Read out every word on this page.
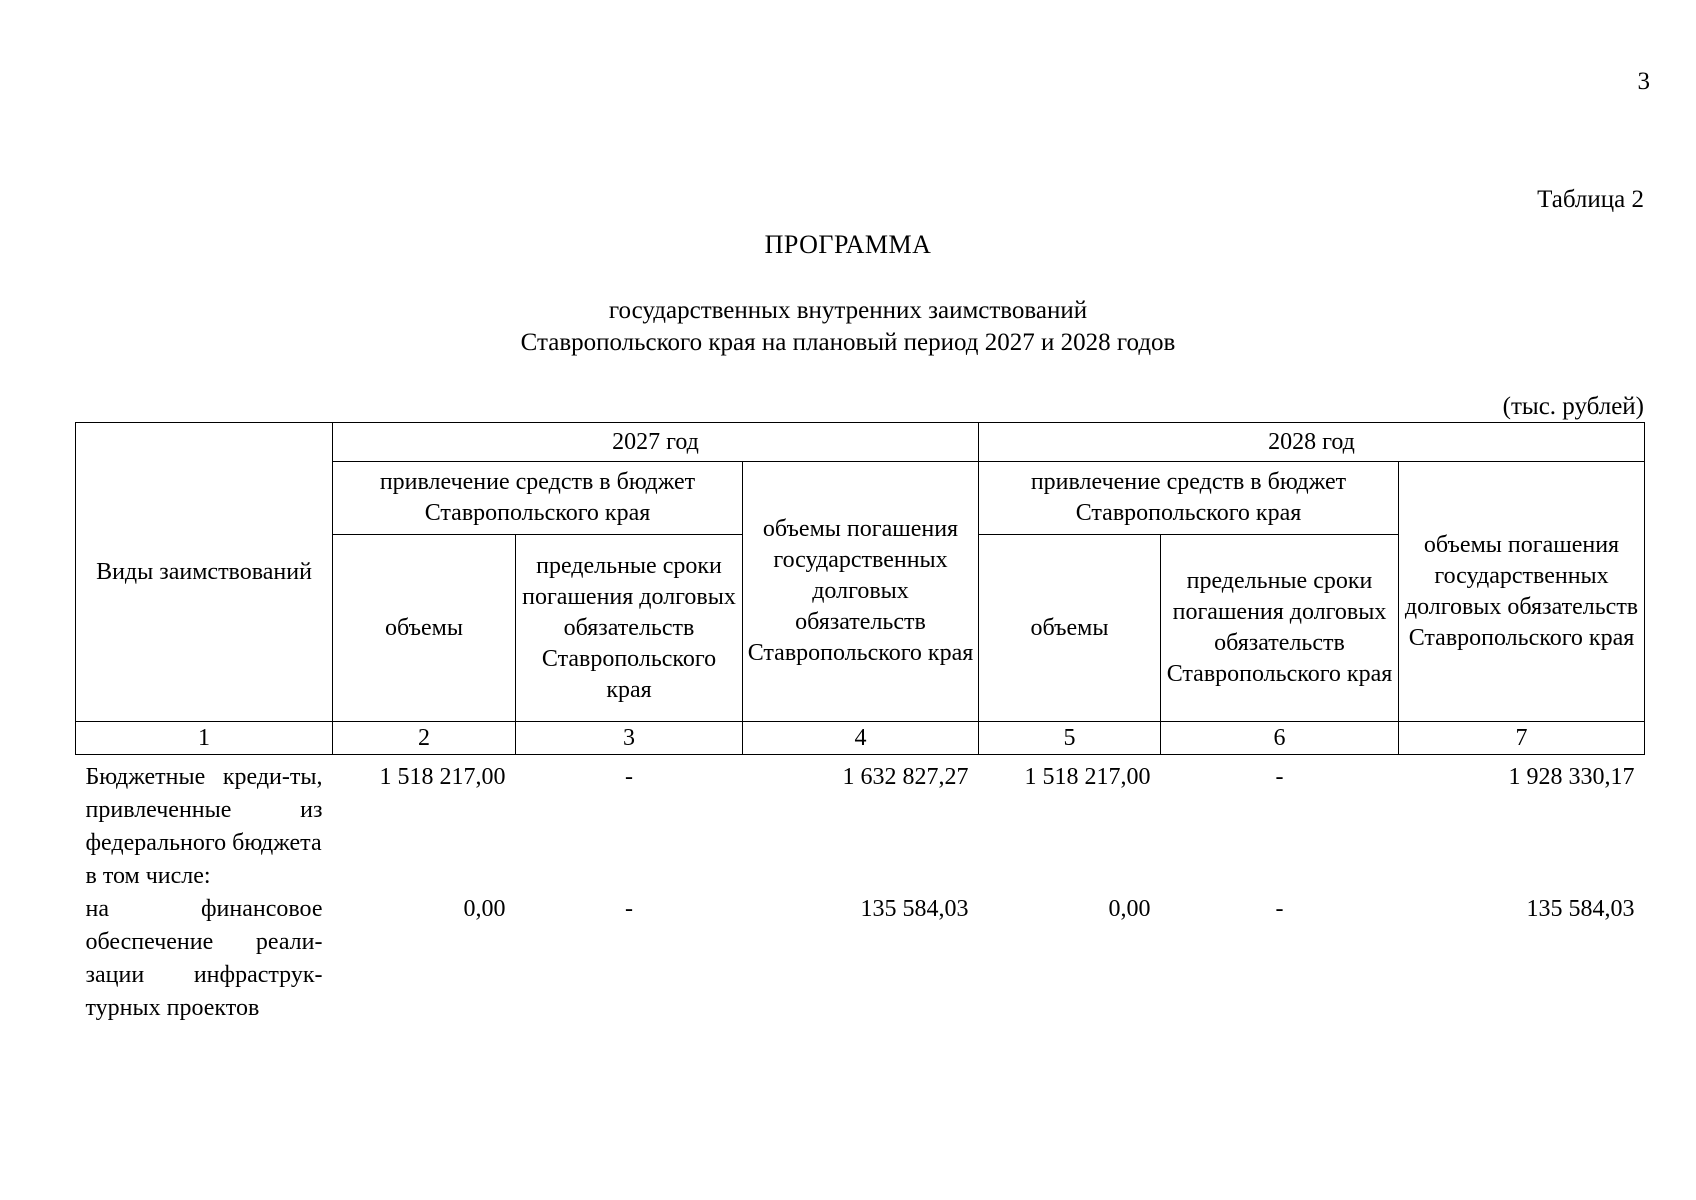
3
Таблица 2
ПРОГРАММА
государственных внутренних заимствований
Ставропольского края на плановый период 2027 и 2028 годов
(тыс. рублей)
Виды заимствований	2027 год			2028 год		
	привлечение средств в бюджет Ставропольского края		объемы погашения государственных долговых обязательств Ставропольского края	привлечение средств в бюджет Ставропольского края		объемы погашения государственных долговых обязательств Ставропольского края
	объемы	предельные сроки погашения долговых обязательств Ставропольского края		объемы	предельные сроки погашения долговых обязательств Ставропольского края	
1	2	3	4	5	6	7
Бюджетные креди-ты, привлеченные из федерального бюджета	1 518 217,00	-	1 632 827,27	1 518 217,00	-	1 928 330,17
в том числе:						
на финансовое обеспечение реали-зации инфраструк-турных проектов	0,00	-	135 584,03	0,00	-	135 584,03
